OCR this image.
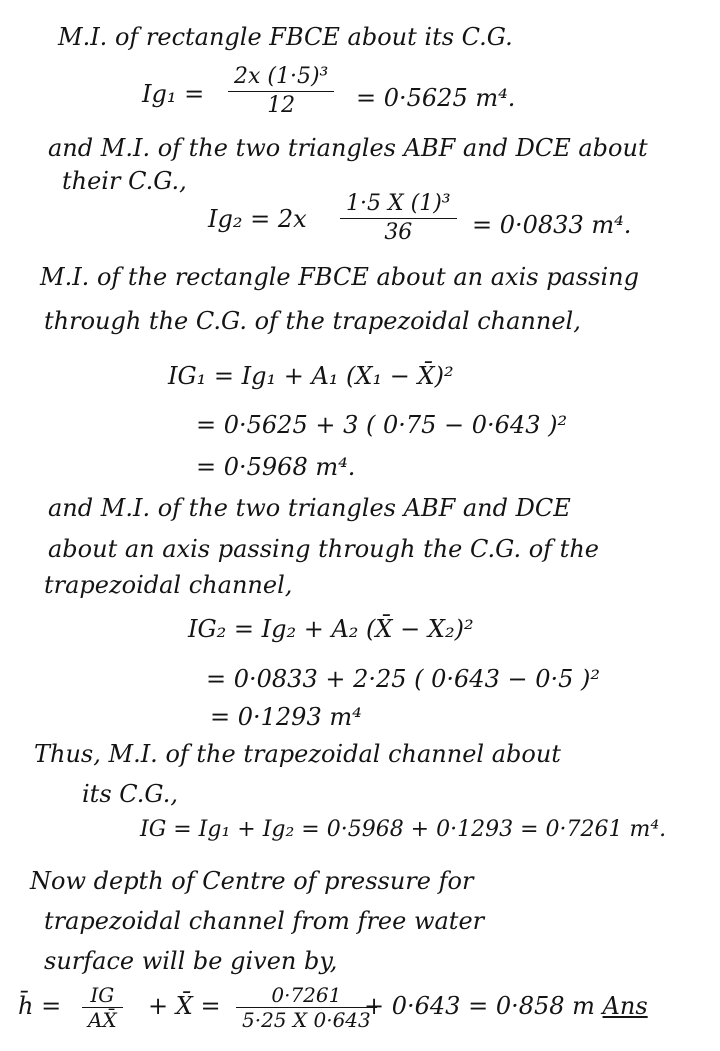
M.I. of rectangle FBCE about its C.G.
Ig₁ =
2x (1·5)³
12	= 0·5625 m⁴.
and M.I. of the two triangles ABF and DCE about
their C.G.,
Ig₂ = 2x
1·5 X (1)³
36	= 0·0833 m⁴.
M.I. of the rectangle FBCE about an axis passing
through the C.G. of the trapezoidal channel,
IG₁ = Ig₁ + A₁ (X₁ − X̄)²
= 0·5625 + 3 ( 0·75 − 0·643 )²
= 0·5968 m⁴.
and M.I. of the two triangles ABF and DCE
about an axis passing through the C.G. of the
trapezoidal channel,
IG₂ = Ig₂ + A₂ (X̄ − X₂)²
= 0·0833 + 2·25 ( 0·643 − 0·5 )²
= 0·1293 m⁴
Thus, M.I. of the trapezoidal channel about
its C.G.,
IG = Ig₁ + Ig₂ = 0·5968 + 0·1293 = 0·7261 m⁴.
Now depth of Centre of pressure for
trapezoidal channel from free water
surface will be given by,
h̄ =	IG
AX̄ + X̄ =	0·7261
5·25 X 0·643
+ 0·643 = 0·858 m Ans
